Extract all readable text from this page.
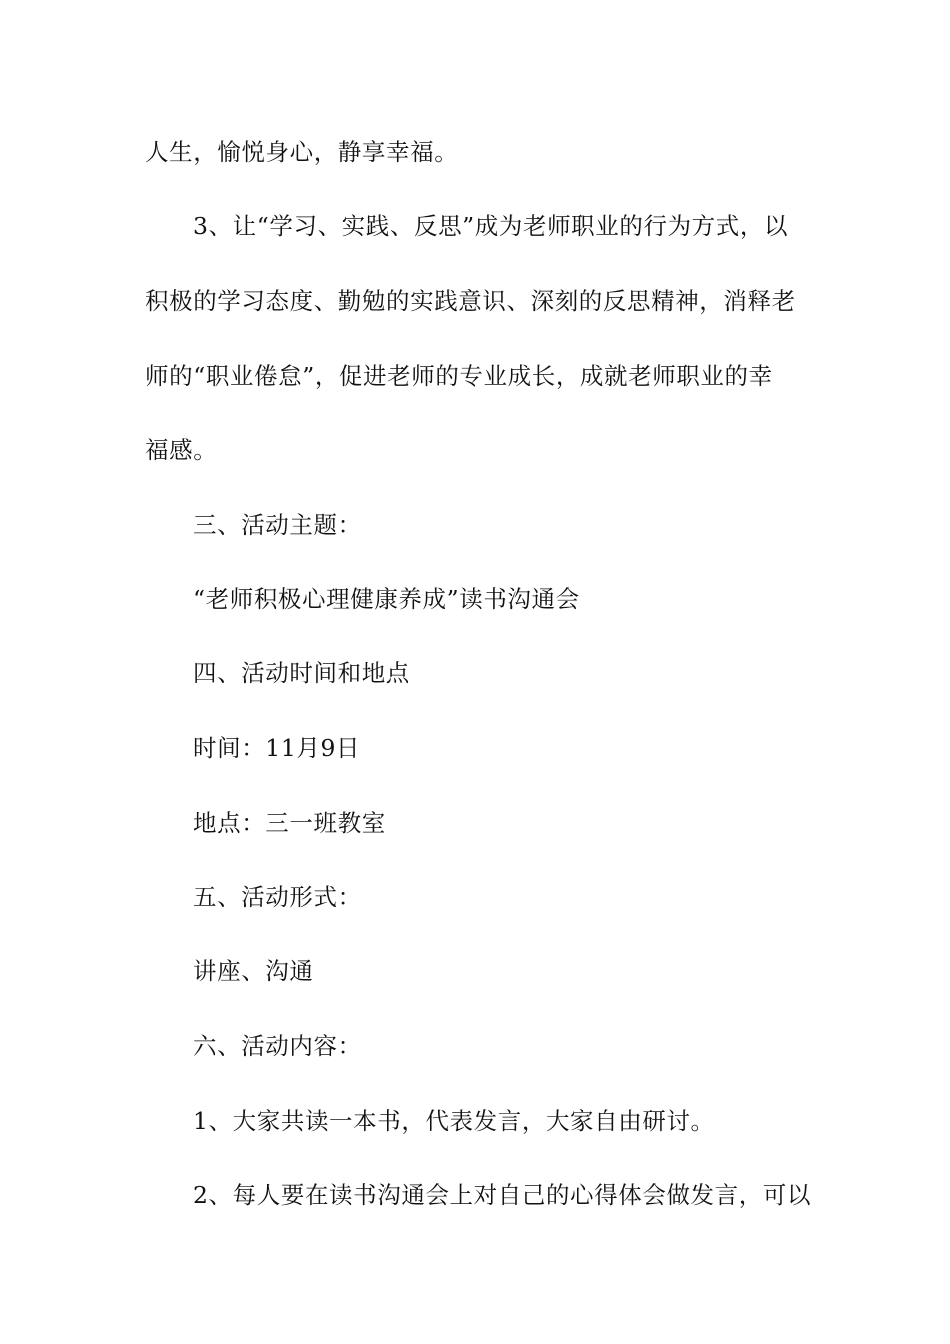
人生，愉悦身心，静享幸福。
3、让“学习、实践、反思”成为老师职业的行为方式，以
积极的学习态度、勤勉的实践意识、深刻的反思精神，消释老
师的“职业倦怠”，促进老师的专业成长，成就老师职业的幸
福感。
三、活动主题：
“老师积极心理健康养成”读书沟通会
四、活动时间和地点
时间：11月9日
地点：三一班教室
五、活动形式：
讲座、沟通
六、活动内容：
1、大家共读一本书，代表发言，大家自由研讨。
2、每人要在读书沟通会上对自己的心得体会做发言，可以
